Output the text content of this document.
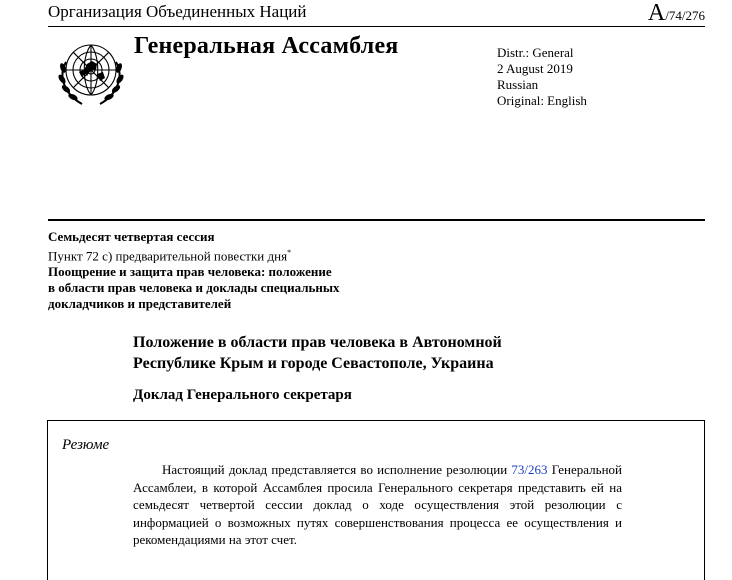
Организация Объединенных Наций	A/74/276
Генеральная Ассамблея	Distr.: General
2 August 2019
Russian
Original: English
Семьдесят четвертая сессия
Пункт 72 c) предварительной повестки дня*
Поощрение и защита прав человека: положение
в области прав человека и доклады специальных
докладчиков и представителей
Положение в области прав человека в Автономной
Республике Крым и городе Севастополе, Украина
Доклад Генерального секретаря
Резюме
Настоящий доклад представляется во исполнение резолюции 73/263 Генеральной Ассамблеи, в которой Ассамблея просила Генерального секретаря представить ей на семьдесят четвертой сессии доклад о ходе осуществления этой резолюции с информацией о возможных путях совершенствования процесса ее осуществления и рекомендациями на этот счет.
